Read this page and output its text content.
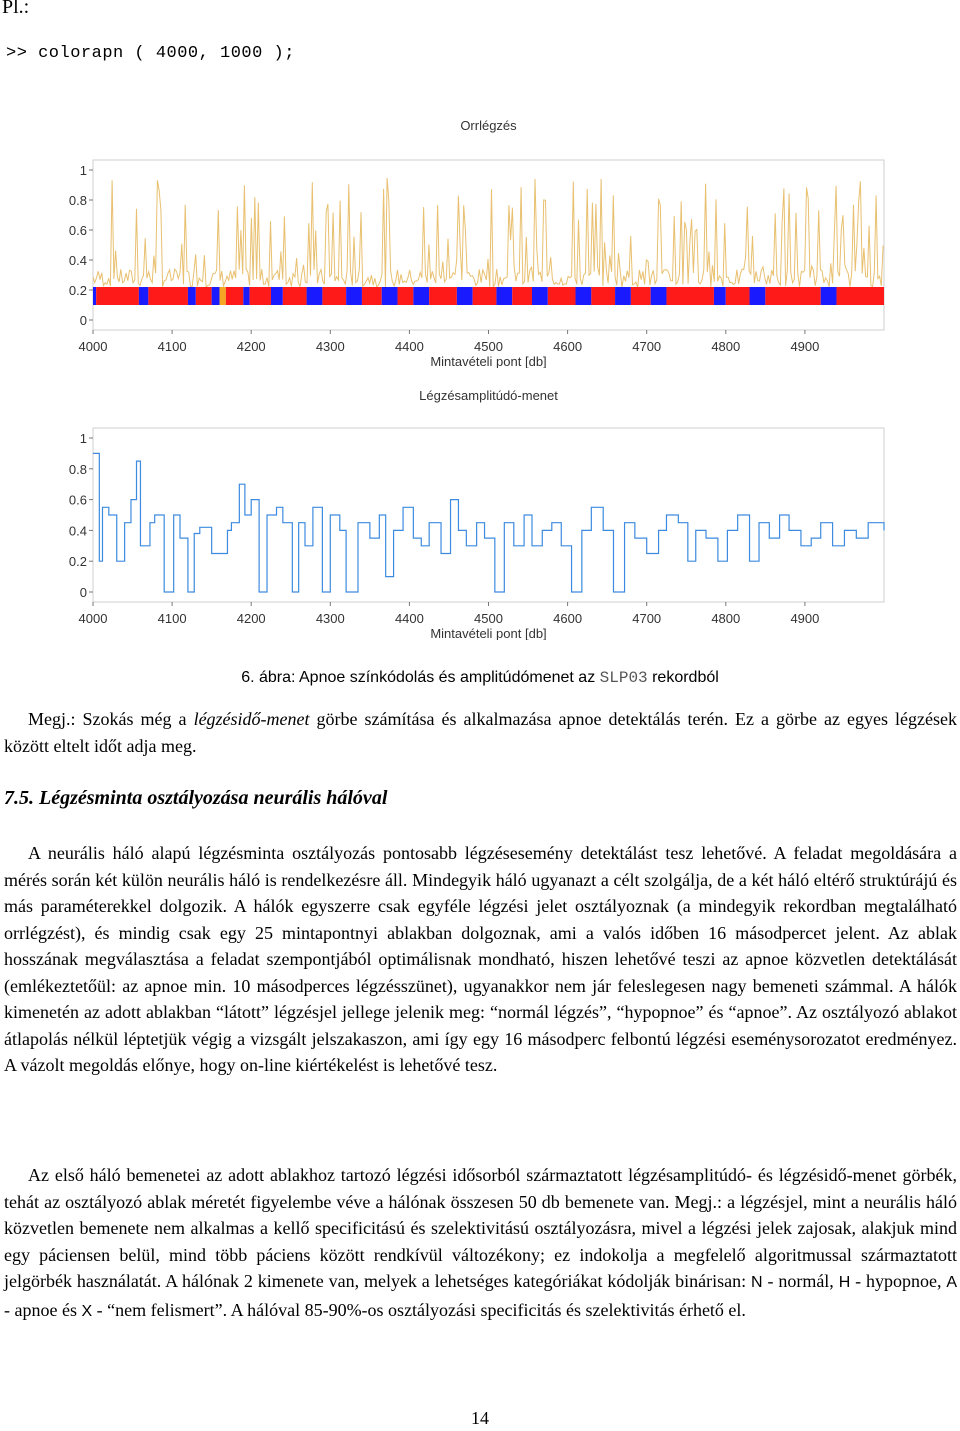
Pl.:
>> colorapn ( 4000, 1000 );
Orrlégzés
0
0.2
0.4
0.6
0.8
1
4000	4100	4200	4300	4400	4500	4600	4700	4800	4900
Mintavételi pont [db]
Légzésamplitúdó-menet
0
0.2
0.4
0.6
0.8
1
4000	4100	4200	4300	4400	4500	4600	4700	4800	4900
Mintavételi pont [db]
6. ábra: Apnoe színkódolás és amplitúdómenet az SLP03 rekordból
Megj.: Szokás még a légzésidő-menet görbe számítása és alkalmazása apnoe detektálás terén. Ez a görbe az egyes légzések között eltelt időt adja meg.
7.5. Légzésminta osztályozása neurális hálóval
A neurális háló alapú légzésminta osztályozás pontosabb légzésesemény detektálást tesz lehetővé. A feladat megoldására a mérés során két külön neurális háló is rendelkezésre áll. Mindegyik háló ugyanazt a célt szolgálja, de a két háló eltérő struktúrájú és más paraméterekkel dolgozik. A hálók egyszerre csak egyféle légzési jelet osztályoznak (a mindegyik rekordban megtalálható orrlégzést), és mindig csak egy 25 mintapontnyi ablakban dolgoznak, ami a valós időben 16 másodpercet jelent. Az ablak hosszának megválasztása a feladat szempontjából optimálisnak mondható, hiszen lehetővé teszi az apnoe közvetlen detektálását (emlékeztetőül: az apnoe min. 10 másodperces légzésszünet), ugyanakkor nem jár feleslegesen nagy bemeneti számmal. A hálók kimenetén az adott ablakban “látott” légzésjel jellege jelenik meg: “normál légzés”, “hypopnoe” és “apnoe”. Az osztályozó ablakot átlapolás nélkül léptetjük végig a vizsgált jelszakaszon, ami így egy 16 másodperc felbontú légzési eseménysorozatot eredményez. A vázolt megoldás előnye, hogy on-line kiértékelést is lehetővé tesz.
Az első háló bemenetei az adott ablakhoz tartozó légzési idősorból származtatott légzésamplitúdó- és légzésidő-menet görbék, tehát az osztályozó ablak méretét figyelembe véve a hálónak összesen 50 db bemenete van. Megj.: a légzésjel, mint a neurális háló közvetlen bemenete nem alkalmas a kellő specificitású és szelektivitású osztályozásra, mivel a légzési jelek zajosak, alakjuk mind egy páciensen belül, mind több páciens között rendkívül változékony; ez indokolja a megfelelő algoritmussal származtatott jelgörbék használatát. A hálónak 2 kimenete van, melyek a lehetséges kategóriákat kódolják binárisan: N - normál, H - hypopnoe, A - apnoe és X - “nem felismert”. A hálóval 85-90%-os osztályozási specificitás és szelektivitás érhető el.
14
